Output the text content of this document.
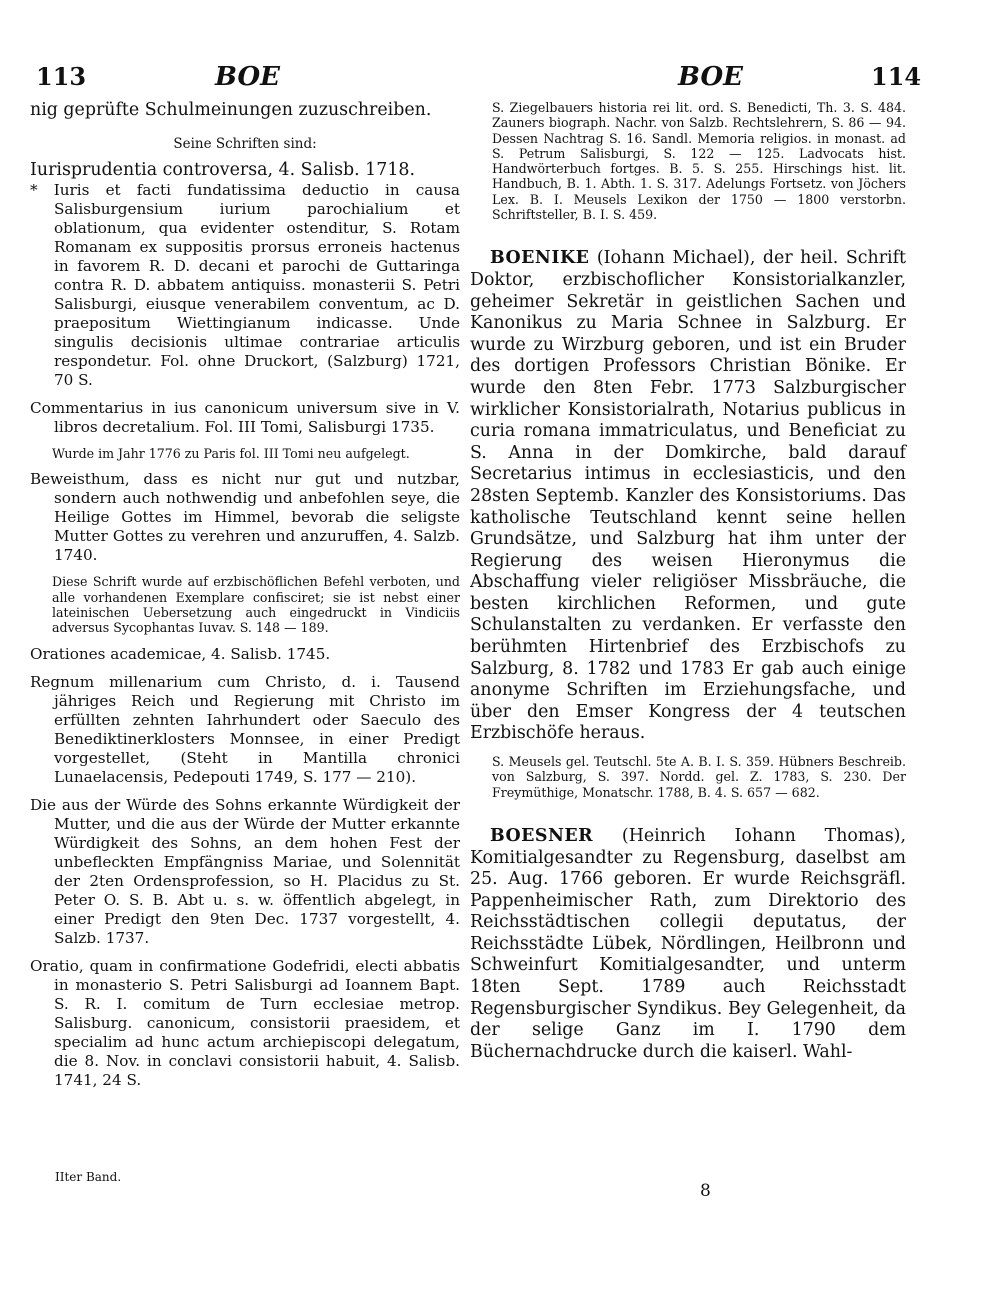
113	BOE	BOE	114

nig geprüfte Schulmeinungen zuzuschreiben.

Seine Schriften sind:

Iurisprudentia controversa, 4. Salisb. 1718.

* Iuris et facti fundatissima deductio in causa Salisburgensium iurium parochialium et oblationum, qua evidenter ostenditur, S. Rotam Romanam ex suppositis prorsus erroneis hactenus in favorem R. D. decani et parochi de Guttaringa contra R. D. abbatem antiquiss. monasterii S. Petri Salisburgi, eiusque venerabilem conventum, ac D. praepositum Wiettingianum indicasse. Unde singulis decisionis ultimae contrariae articulis respondetur. Fol. ohne Druckort, (Salzburg) 1721, 70 S.

Commentarius in ius canonicum universum sive in V. libros decretalium. Fol. III Tomi, Salisburgi 1735.

Wurde im Jahr 1776 zu Paris fol. III Tomi neu aufgelegt.

Beweisthum, dass es nicht nur gut und nutzbar, sondern auch nothwendig und anbefohlen seye, die Heilige Gottes im Himmel, bevorab die seligste Mutter Gottes zu verehren und anzuruffen, 4. Salzb. 1740.

Diese Schrift wurde auf erzbischöflichen Befehl verboten, und alle vorhandenen Exemplare confisciret; sie ist nebst einer lateinischen Uebersetzung auch eingedruckt in Vindiciis adversus Sycophantas Iuvav. S. 148 — 189.

Orationes academicae, 4. Salisb. 1745.

Regnum millenarium cum Christo, d. i. Tausend jähriges Reich und Regierung mit Christo im erfüllten zehnten Iahrhundert oder Saeculo des Benediktinerklosters Monnsee, in einer Predigt vorgestellet, (Steht in Mantilla chronici Lunaelacensis, Pedepouti 1749, S. 177 — 210).

Die aus der Würde des Sohns erkannte Würdigkeit der Mutter, und die aus der Würde der Mutter erkannte Würdigkeit des Sohns, an dem hohen Fest der unbefleckten Empfängniss Mariae, und Solennität der 2ten Ordensprofession, so H. Placidus zu St. Peter O. S. B. Abt u. s. w. öffentlich abgelegt, in einer Predigt den 9ten Dec. 1737 vorgestellt, 4. Salzb. 1737.

Oratio, quam in confirmatione Godefridi, electi abbatis in monasterio S. Petri Salisburgi ad Ioannem Bapt. S. R. I. comitum de Turn ecclesiae metrop. Salisburg. canonicum, consistorii praesidem, et specialim ad hunc actum archiepiscopi delegatum, die 8. Nov. in conclavi consistorii habuit, 4. Salisb. 1741, 24 S.

S. Ziegelbauers historia rei lit. ord. S. Benedicti, Th. 3. S. 484. Zauners biograph. Nachr. von Salzb. Rechtslehrern, S. 86 — 94. Dessen Nachtrag S. 16. Sandl. Memoria religios. in monast. ad S. Petrum Salisburgi, S. 122 — 125. Ladvocats hist. Handwörterbuch fortges. B. 5. S. 255. Hirschings hist. lit. Handbuch, B. 1. Abth. 1. S. 317. Adelungs Fortsetz. von Jöchers Lex. B. I. Meusels Lexikon der 1750 — 1800 verstorbn. Schriftsteller, B. I. S. 459.

BOENIKE (Iohann Michael), der heil. Schrift Doktor, erzbischoflicher Konsistorialkanzler, geheimer Sekretär in geistlichen Sachen und Kanonikus zu Maria Schnee in Salzburg. Er wurde zu Wirzburg geboren, und ist ein Bruder des dortigen Professors Christian Bönike. Er wurde den 8ten Febr. 1773 Salzburgischer wirklicher Konsistorialrath, Notarius publicus in curia romana immatriculatus, und Beneficiat zu S. Anna in der Domkirche, bald darauf Secretarius intimus in ecclesiasticis, und den 28sten Septemb. Kanzler des Konsistoriums. Das katholische Teutschland kennt seine hellen Grundsätze, und Salzburg hat ihm unter der Regierung des weisen Hieronymus die Abschaffung vieler religiöser Missbräuche, die besten kirchlichen Reformen, und gute Schulanstalten zu verdanken. Er verfasste den berühmten Hirtenbrief des Erzbischofs zu Salzburg, 8. 1782 und 1783 Er gab auch einige anonyme Schriften im Erziehungsfache, und über den Emser Kongress der 4 teutschen Erzbischöfe heraus.

S. Meusels gel. Teutschl. 5te A. B. I. S. 359. Hübners Beschreib. von Salzburg, S. 397. Nordd. gel. Z. 1783, S. 230. Der Freymüthige, Monatschr. 1788, B. 4. S. 657 — 682.

BOESNER (Heinrich Iohann Thomas), Komitialgesandter zu Regensburg, daselbst am 25. Aug. 1766 geboren. Er wurde Reichsgräfl. Pappenheimischer Rath, zum Direktorio des Reichsstädtischen collegii deputatus, der Reichsstädte Lübek, Nördlingen, Heilbronn und Schweinfurt Komitialgesandter, und unterm 18ten Sept. 1789 auch Reichsstadt Regensburgischer Syndikus. Bey Gelegenheit, da der selige Ganz im I. 1790 dem Büchernachdrucke durch die kaiserl. Wahl-

IIter Band.
8
